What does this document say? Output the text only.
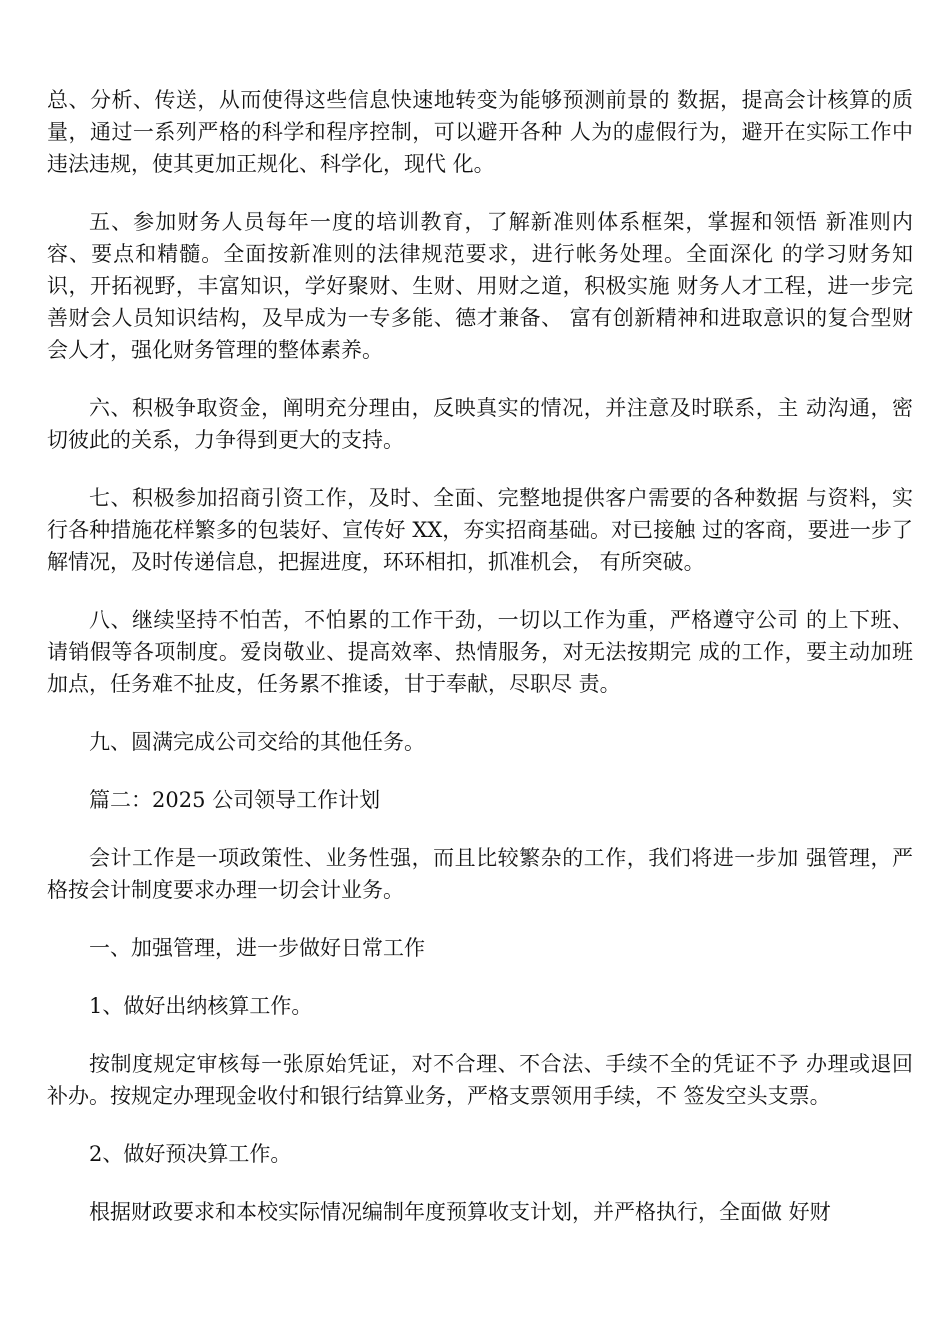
总、分析、传送，从而使得这些信息快速地转变为能够预测前景的 数据，提高会计核算的质量，通过一系列严格的科学和程序控制，可以避开各种 人为的虚假行为，避开在实际工作中违法违规，使其更加正规化、科学化，现代 化。

五、参加财务人员每年一度的培训教育，了解新准则体系框架，掌握和领悟 新准则内容、要点和精髓。全面按新准则的法律规范要求，进行帐务处理。全面深化 的学习财务知识，开拓视野，丰富知识，学好聚财、生财、用财之道，积极实施 财务人才工程，进一步完善财会人员知识结构，及早成为一专多能、德才兼备、 富有创新精神和进取意识的复合型财会人才，强化财务管理的整体素养。

六、积极争取资金，阐明充分理由，反映真实的情况，并注意及时联系，主 动沟通，密切彼此的关系，力争得到更大的支持。

七、积极参加招商引资工作，及时、全面、完整地提供客户需要的各种数据 与资料，实行各种措施花样繁多的包装好、宣传好 XX，夯实招商基础。对已接触 过的客商，要进一步了解情况，及时传递信息，把握进度，环环相扣，抓准机会， 有所突破。

八、继续坚持不怕苦，不怕累的工作干劲，一切以工作为重，严格遵守公司 的上下班、请销假等各项制度。爱岗敬业、提高效率、热情服务，对无法按期完 成的工作，要主动加班加点，任务难不扯皮，任务累不推诿，甘于奉献，尽职尽 责。

九、圆满完成公司交给的其他任务。

篇二：2025 公司领导工作计划

会计工作是一项政策性、业务性强，而且比较繁杂的工作，我们将进一步加 强管理，严格按会计制度要求办理一切会计业务。

一、加强管理，进一步做好日常工作

1、做好出纳核算工作。

按制度规定审核每一张原始凭证，对不合理、不合法、手续不全的凭证不予 办理或退回补办。按规定办理现金收付和银行结算业务，严格支票领用手续，不 签发空头支票。

2、做好预决算工作。

根据财政要求和本校实际情况编制年度预算收支计划，并严格执行，全面做 好财
